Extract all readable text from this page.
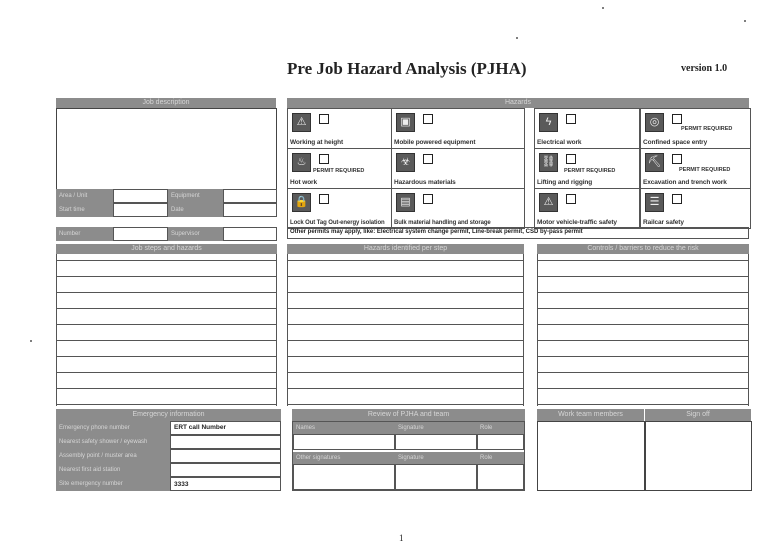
Pre Job Hazard Analysis (PJHA)	version 1.0
Job description
Area / Unit	Equipment
Start time	Date
Number	Supervisor
Hazards
⚠
Working at height
▣
Mobile powered equipment
ϟ
Electrical work
◎
PERMIT REQUIRED
Confined space entry
♨
PERMIT REQUIRED
Hot work
☣
Hazardous materials
⛓
PERMIT REQUIRED
Lifting and rigging
⛏
PERMIT REQUIRED
Excavation and trench work
🔒
Lock Out Tag Out-energy isolation
▤
Bulk material handling and storage
⚠
Motor vehicle-traffic safety
☰
Railcar safety
Other permits may apply, like: Electrical system change permit, Line-break permit, CSD by-pass permit
Job steps and hazards	Hazards identified per step	Controls / barriers to reduce the risk
Emergency information
Emergency phone number	ERT call Number
Nearest safety shower / eyewash
Assembly point / muster area
Nearest first aid station
Site emergency number	3333
Review of PJHA and team
Names	Signature	Role
Other signatures	Signature	Role
Work team members	Sign off
1
